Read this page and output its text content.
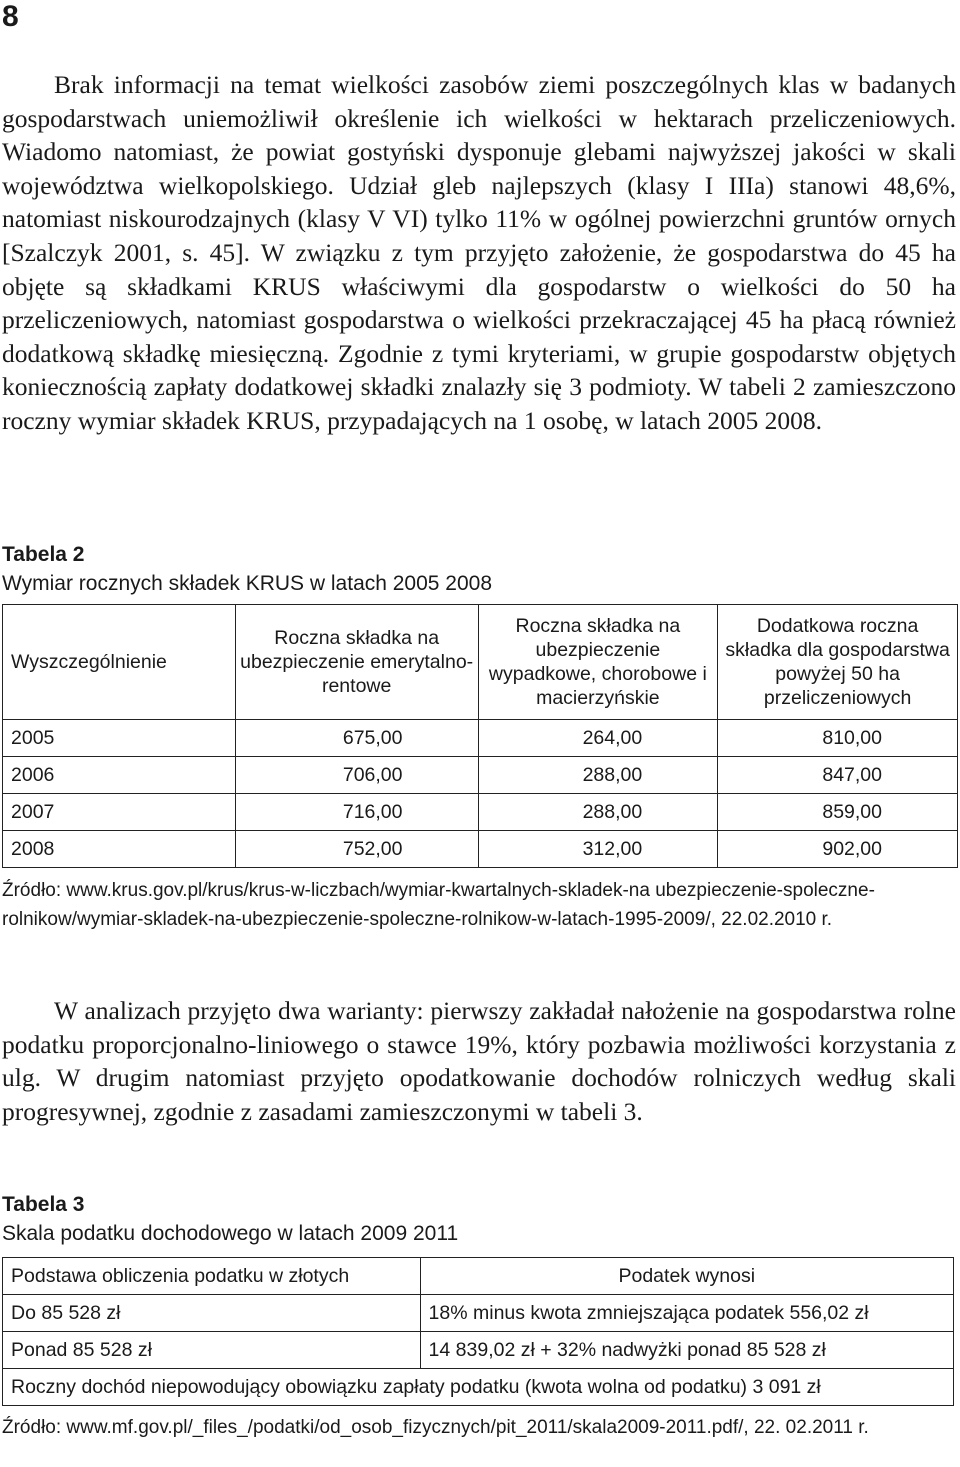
8

Brak informacji na temat wielkości zasobów ziemi poszczególnych klas w badanych gospodarstwach uniemożliwił określenie ich wielkości w hektarach przeliczeniowych. Wiadomo natomiast, że powiat gostyński dysponuje glebami najwyższej jakości w skali województwa wielkopolskiego. Udział gleb najlepszych (klasy I IIIa) stanowi 48,6%, natomiast niskourodzajnych (klasy V VI) tylko 11% w ogólnej powierzchni gruntów ornych [Szalczyk 2001, s. 45]. W związku z tym przyjęto założenie, że gospodarstwa do 45 ha objęte są składkami KRUS właściwymi dla gospodarstw o wielkości do 50 ha przeliczeniowych, natomiast gospodarstwa o wielkości przekraczającej 45 ha płacą również dodatkową składkę miesięczną. Zgodnie z tymi kryteriami, w grupie gospodarstw objętych koniecznością zapłaty dodatkowej składki znalazły się 3 podmioty. W tabeli 2 zamieszczono roczny wymiar składek KRUS, przypadających na 1 osobę, w latach 2005 2008.

Tabela 2
Wymiar rocznych składek KRUS w latach 2005 2008
Wyszczególnienie	Roczna składka na ubezpieczenie emerytalno-rentowe	Roczna składka na ubezpieczenie wypadkowe, chorobowe i macierzyńskie	Dodatkowa roczna składka dla gospodarstwa powyżej 50 ha przeliczeniowych
2005	675,00	264,00	810,00
2006	706,00	288,00	847,00
2007	716,00	288,00	859,00
2008	752,00	312,00	902,00
Źródło: www.krus.gov.pl/krus/krus-w-liczbach/wymiar-kwartalnych-skladek-na ubezpieczenie-spoleczne-rolnikow/wymiar-skladek-na-ubezpieczenie-spoleczne-rolnikow-w-latach-1995-2009/, 22.02.2010 r.

W analizach przyjęto dwa warianty: pierwszy zakładał nałożenie na gospodarstwa rolne podatku proporcjonalno-liniowego o stawce 19%, który pozbawia możliwości korzystania z ulg. W drugim natomiast przyjęto opodatkowanie dochodów rolniczych według skali progresywnej, zgodnie z zasadami zamieszczonymi w tabeli 3.

Tabela 3
Skala podatku dochodowego w latach 2009 2011
Podstawa obliczenia podatku w złotych	Podatek wynosi
Do 85 528 zł	18% minus kwota zmniejszająca podatek 556,02 zł
Ponad 85 528 zł	14 839,02 zł + 32% nadwyżki ponad 85 528 zł
Roczny dochód niepowodujący obowiązku zapłaty podatku (kwota wolna od podatku) 3 091 zł	
Źródło: www.mf.gov.pl/_files_/podatki/od_osob_fizycznych/pit_2011/skala2009-2011.pdf/, 22. 02.2011 r.
